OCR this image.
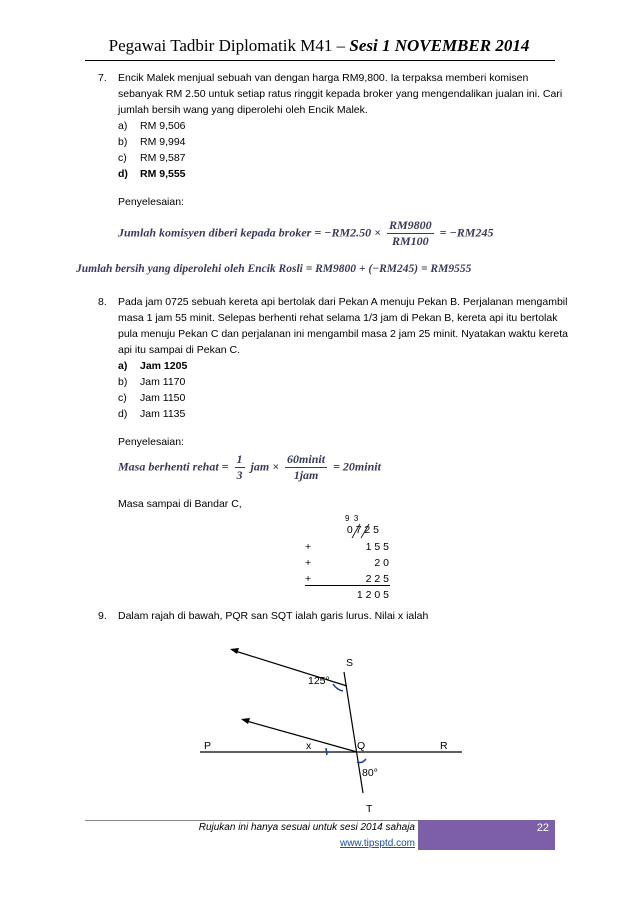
Pegawai Tadbir Diplomatik M41 – Sesi 1 NOVEMBER 2014
7. Encik Malek menjual sebuah van dengan harga RM9,800. Ia terpaksa memberi komisen sebanyak RM 2.50 untuk setiap ratus ringgit kepada broker yang mengendalikan jualan ini. Cari jumlah bersih wang yang diperolehi oleh Encik Malek.
a) RM 9,506
b) RM 9,994
c) RM 9,587
d) RM 9,555
Penyelesaian:
Jumlah komisyen diberi kepada broker = $-RM2.50 \times \frac{RM9800}{RM100} = -RM245$
Jumlah bersih yang diperolehi oleh Encik Rosli = RM9800 + (−RM245) = RM9555
8. Pada jam 0725 sebuah kereta api bertolak dari Pekan A menuju Pekan B. Perjalanan mengambil masa 1 jam 55 minit. Selepas berhenti rehat selama 1/3 jam di Pekan B, kereta api itu bertolak pula menuju Pekan C dan perjalanan ini mengambil masa 2 jam 25 minit. Nyatakan waktu kereta api itu sampai di Pekan C.
a) Jam 1205
b) Jam 1170
c) Jam 1150
d) Jam 1135
Penyelesaian:
Masa berhenti rehat = $\frac{1}{3}$ jam × $\frac{\text{60minit}}{\text{1jam}}$ = 20minit
Masa sampai di Bandar C,
9  3
0 7 2 5
+	1 5 5
+	2 0
+	2 2 5
1 2 0 5
9. Dalam rajah di bawah, PQR san SQT ialah garis lurus. Nilai x ialah
S
125°
P	x	Q	R
80°
T
Rujukan ini hanya sesuai untuk sesi 2014 sahaja
www.tipsptd.com
22
